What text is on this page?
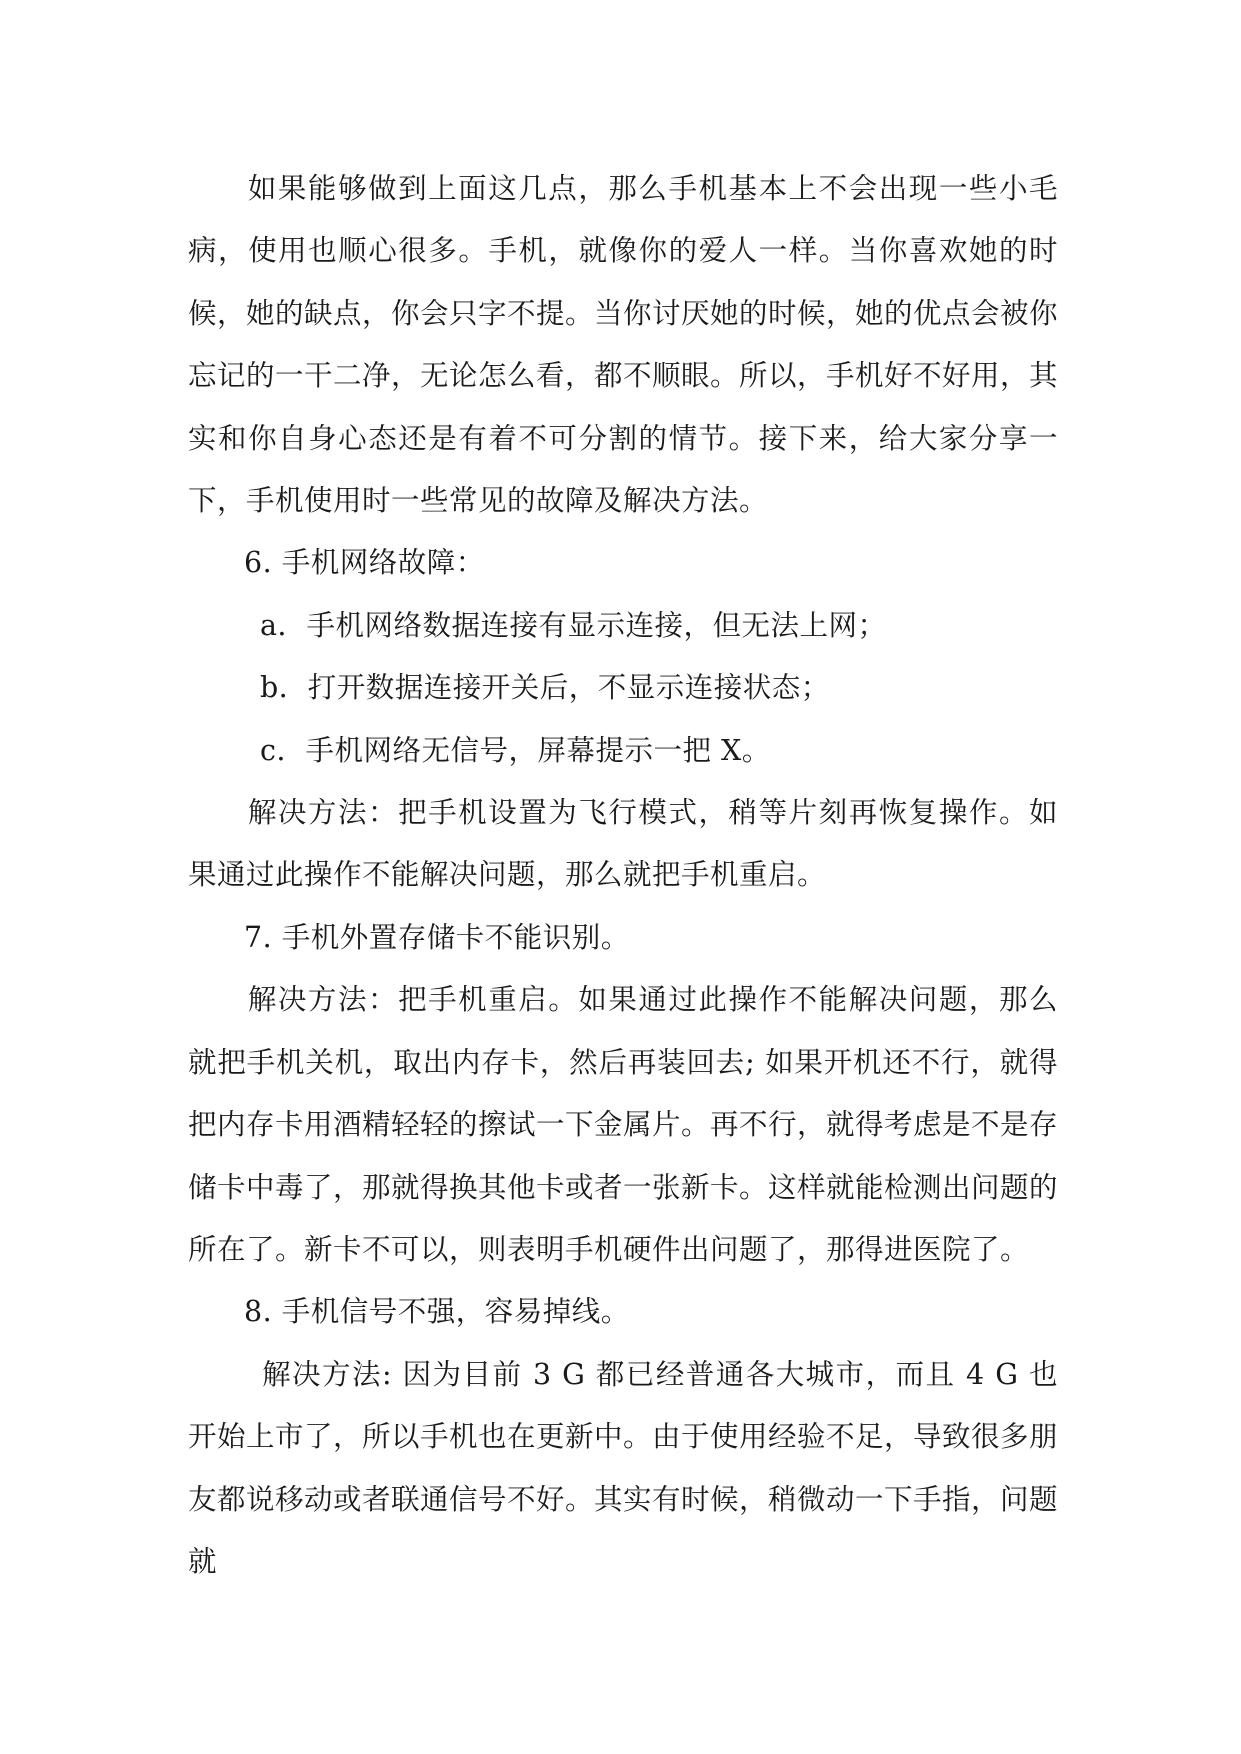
如果能够做到上面这几点，那么手机基本上不会出现一些小毛病，使用也顺心很多。手机，就像你的爱人一样。当你喜欢她的时候，她的缺点，你会只字不提。当你讨厌她的时候，她的优点会被你忘记的一干二净，无论怎么看，都不顺眼。所以，手机好不好用，其实和你自身心态还是有着不可分割的情节。接下来，给大家分享一下，手机使用时一些常见的故障及解决方法。

6. 手机网络故障：

a．手机网络数据连接有显示连接，但无法上网；

b．打开数据连接开关后，不显示连接状态；

c．手机网络无信号，屏幕提示一把 X。

解决方法：把手机设置为飞行模式，稍等片刻再恢复操作。如果通过此操作不能解决问题，那么就把手机重启。

7. 手机外置存储卡不能识别。

解决方法：把手机重启。如果通过此操作不能解决问题，那么就把手机关机，取出内存卡，然后再装回去; 如果开机还不行，就得把内存卡用酒精轻轻的擦试一下金属片。再不行，就得考虑是不是存储卡中毒了，那就得换其他卡或者一张新卡。这样就能检测出问题的所在了。新卡不可以，则表明手机硬件出问题了，那得进医院了。

8. 手机信号不强，容易掉线。

解决方法: 因为目前 3 G 都已经普通各大城市，而且 4 G 也开始上市了，所以手机也在更新中。由于使用经验不足，导致很多朋友都说移动或者联通信号不好。其实有时候，稍微动一下手指，问题就
